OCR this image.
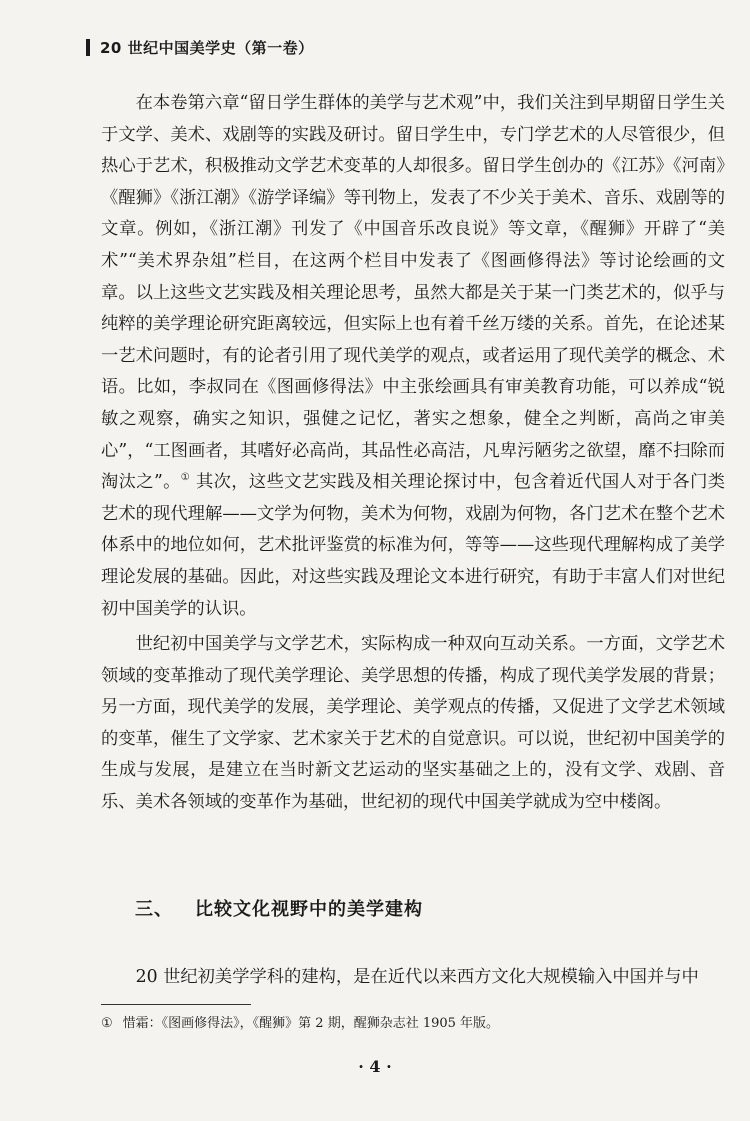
20 世纪中国美学史（第一卷）

在本卷第六章“留日学生群体的美学与艺术观”中，我们关注到早期留日学生关于文学、美术、戏剧等的实践及研讨。留日学生中，专门学艺术的人尽管很少，但热心于艺术，积极推动文学艺术变革的人却很多。留日学生创办的《江苏》《河南》《醒狮》《浙江潮》《游学译编》等刊物上，发表了不少关于美术、音乐、戏剧等的文章。例如，《浙江潮》刊发了《中国音乐改良说》等文章，《醒狮》开辟了“美术”“美术界杂俎”栏目，在这两个栏目中发表了《图画修得法》等讨论绘画的文章。以上这些文艺实践及相关理论思考，虽然大都是关于某一门类艺术的，似乎与纯粹的美学理论研究距离较远，但实际上也有着千丝万缕的关系。首先，在论述某一艺术问题时，有的论者引用了现代美学的观点，或者运用了现代美学的概念、术语。比如，李叔同在《图画修得法》中主张绘画具有审美教育功能，可以养成“锐敏之观察，确实之知识，强健之记忆，著实之想象，健全之判断，高尚之审美心”，“工图画者，其嗜好必高尚，其品性必高洁，凡卑污陋劣之欲望，靡不扫除而淘汰之”。① 其次，这些文艺实践及相关理论探讨中，包含着近代国人对于各门类艺术的现代理解——文学为何物，美术为何物，戏剧为何物，各门艺术在整个艺术体系中的地位如何，艺术批评鉴赏的标准为何，等等——这些现代理解构成了美学理论发展的基础。因此，对这些实践及理论文本进行研究，有助于丰富人们对世纪初中国美学的认识。

世纪初中国美学与文学艺术，实际构成一种双向互动关系。一方面，文学艺术领域的变革推动了现代美学理论、美学思想的传播，构成了现代美学发展的背景；另一方面，现代美学的发展，美学理论、美学观点的传播，又促进了文学艺术领域的变革，催生了文学家、艺术家关于艺术的自觉意识。可以说，世纪初中国美学的生成与发展，是建立在当时新文艺运动的坚实基础之上的，没有文学、戏剧、音乐、美术各领域的变革作为基础，世纪初的现代中国美学就成为空中楼阁。

三、 比较文化视野中的美学建构
20 世纪初美学学科的建构，是在近代以来西方文化大规模输入中国并与中
① 惜霜：《图画修得法》，《醒狮》第 2 期，醒狮杂志社 1905 年版。
· 4 ·
